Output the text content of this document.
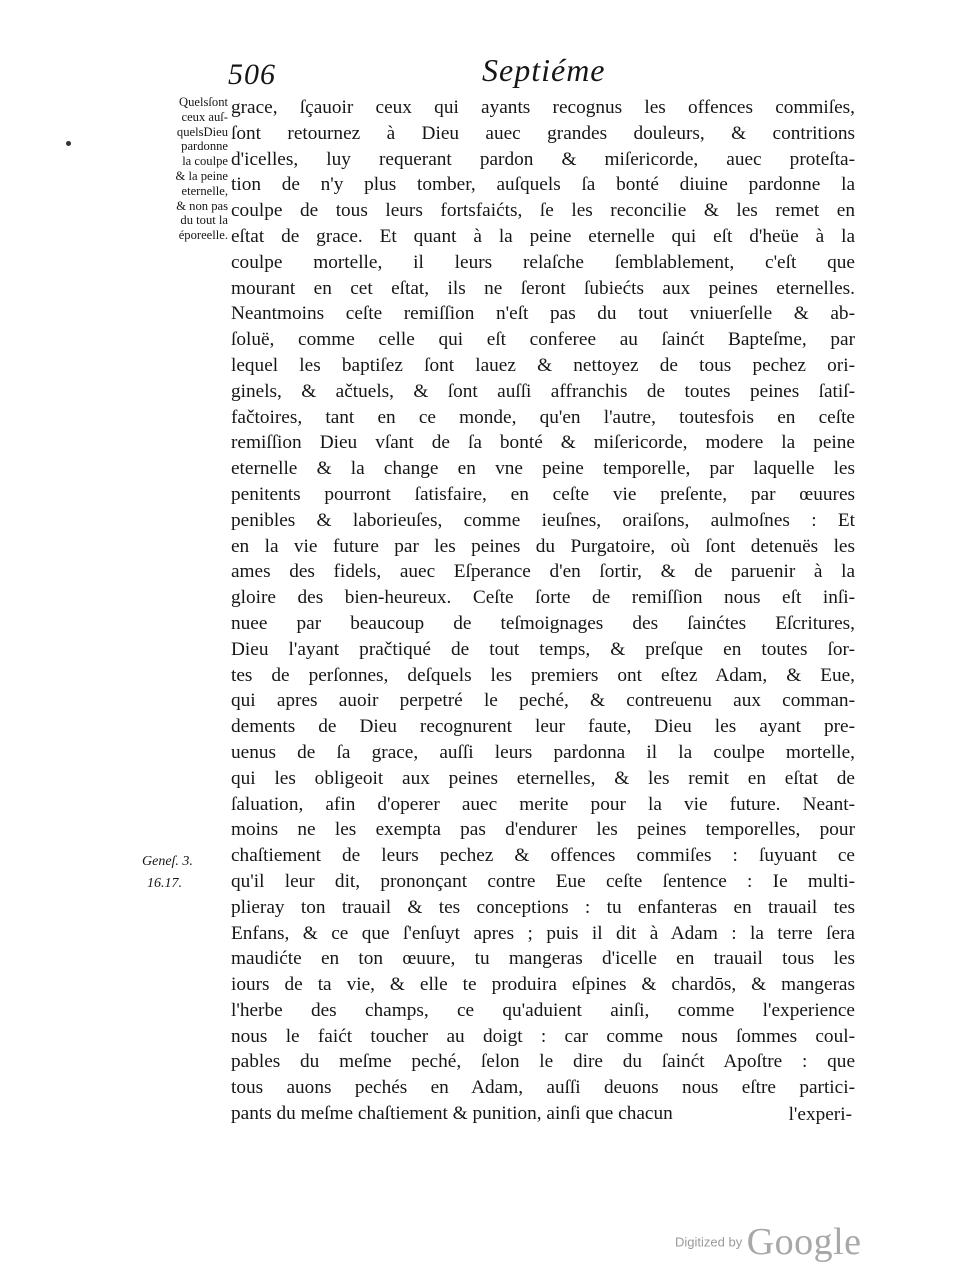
506	Septiéme
Quelsſont
ceux auſ-
quelsDieu
pardonne
la coulpe
& la peine
eternelle,
& non pas
du tout la
époreelle.
Geneſ. 3.
16.17.
grace, ſçauoir ceux qui ayants recognus les offences commiſes,
ſont retournez à Dieu auec grandes douleurs, & contritions
d'icelles, luy requerant pardon & miſericorde, auec proteſta-
tion de n'y plus tomber, auſquels ſa bonté diuine pardonne la
coulpe de tous leurs fortsfaićts, ſe les reconcilie & les remet en
eſtat de grace. Et quant à la peine eternelle qui eſt d'heüe à la
coulpe mortelle, il leurs relaſche ſemblablement, c'eſt que
mourant en cet eſtat, ils ne ſeront ſubiećts aux peines eternelles.
Neantmoins ceſte remiſſion n'eſt pas du tout vniuerſelle & ab-
ſoluë, comme celle qui eſt conferee au ſainćt Bapteſme, par
lequel les baptiſez ſont lauez & nettoyez de tous pechez ori-
ginels, & ačtuels, & ſont auſſi affranchis de toutes peines ſatiſ-
fačtoires, tant en ce monde, qu'en l'autre, toutesfois en ceſte
remiſſion Dieu vſant de ſa bonté & miſericorde, modere la peine
eternelle & la change en vne peine temporelle, par laquelle les
penitents pourront ſatisfaire, en ceſte vie preſente, par œuures
penibles & laborieuſes, comme ieuſnes, oraiſons, aulmoſnes : Et
en la vie future par les peines du Purgatoire, où ſont detenuës les
ames des fidels, auec Eſperance d'en ſortir, & de paruenir à la
gloire des bien-heureux. Ceſte ſorte de remiſſion nous eſt inſi-
nuee par beaucoup de teſmoignages des ſainćtes Eſcritures,
Dieu l'ayant pračtiqué de tout temps, & preſque en toutes ſor-
tes de perſonnes, deſquels les premiers ont eſtez Adam, & Eue,
qui apres auoir perpetré le peché, & contreuenu aux comman-
dements de Dieu recognurent leur faute, Dieu les ayant pre-
uenus de ſa grace, auſſi leurs pardonna il la coulpe mortelle,
qui les obligeoit aux peines eternelles, & les remit en eſtat de
ſaluation, afin d'operer auec merite pour la vie future. Neant-
moins ne les exempta pas d'endurer les peines temporelles, pour
chaſtiement de leurs pechez & offences commiſes : ſuyuant ce
qu'il leur dit, prononçant contre Eue ceſte ſentence : Ie multi-
plieray ton trauail & tes conceptions : tu enfanteras en trauail tes
Enfans, & ce que ſ'enſuyt apres ; puis il dit à Adam : la terre ſera
maudićte en ton œuure, tu mangeras d'icelle en trauail tous les
iours de ta vie, & elle te produira eſpines & chardōs, & mangeras
l'herbe des champs, ce qu'aduient ainſi, comme l'experience
nous le faićt toucher au doigt : car comme nous ſommes coul-
pables du meſme peché, ſelon le dire du ſainćt Apoſtre : que
tous auons pechés en Adam, auſſi deuons nous eſtre partici-
pants du meſme chaſtiement & punition, ainſi que chacun	l'experi-
Digitized by Google
